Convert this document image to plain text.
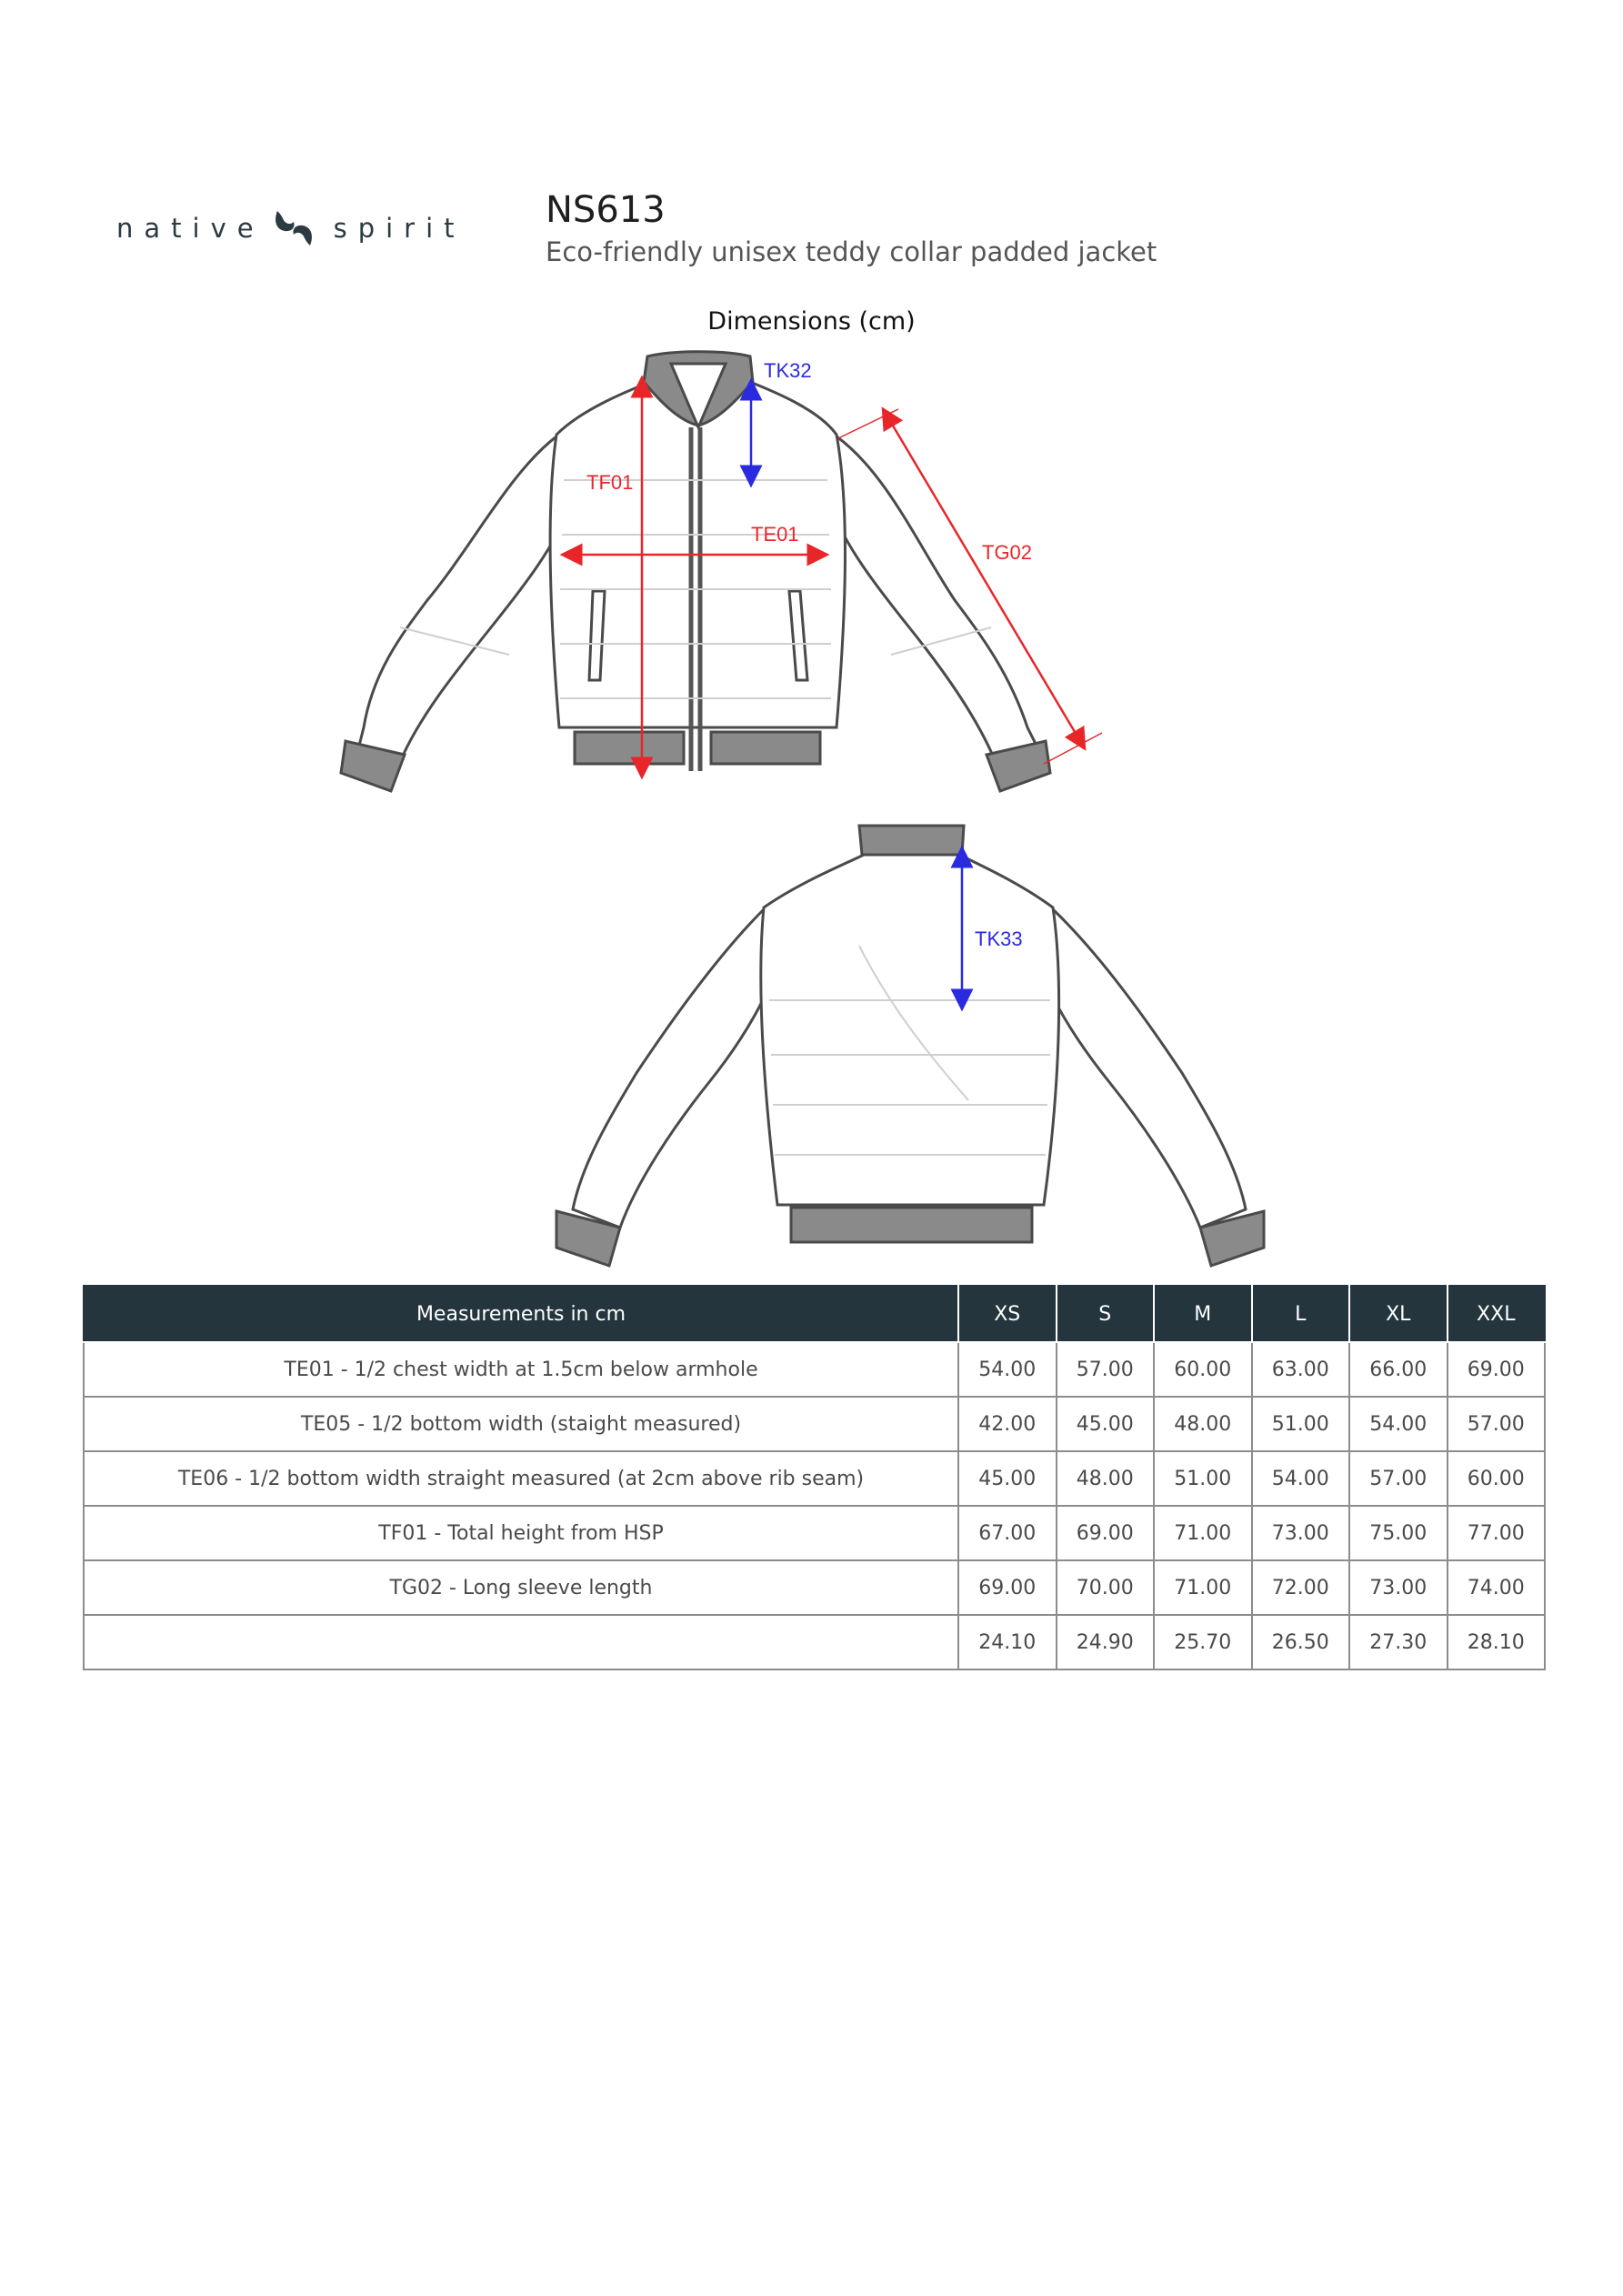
native	spirit NS613
Eco-friendly unisex teddy collar padded jacket
Dimensions (cm)
TF01
TE01
TK32
TG02
TK33
Measurements in cm	XS	S	M	L	XL	XXL
TE01 - 1/2 chest width at 1.5cm below armhole	54.00	57.00	60.00	63.00	66.00	69.00
TE05 - 1/2 bottom width (staight measured)	42.00	45.00	48.00	51.00	54.00	57.00
TE06 - 1/2 bottom width straight measured (at 2cm above rib seam)	45.00	48.00	51.00	54.00	57.00	60.00
TF01 - Total height from HSP	67.00	69.00	71.00	73.00	75.00	77.00
TG02 - Long sleeve length	69.00	70.00	71.00	72.00	73.00	74.00
	24.10	24.90	25.70	26.50	27.30	28.10
